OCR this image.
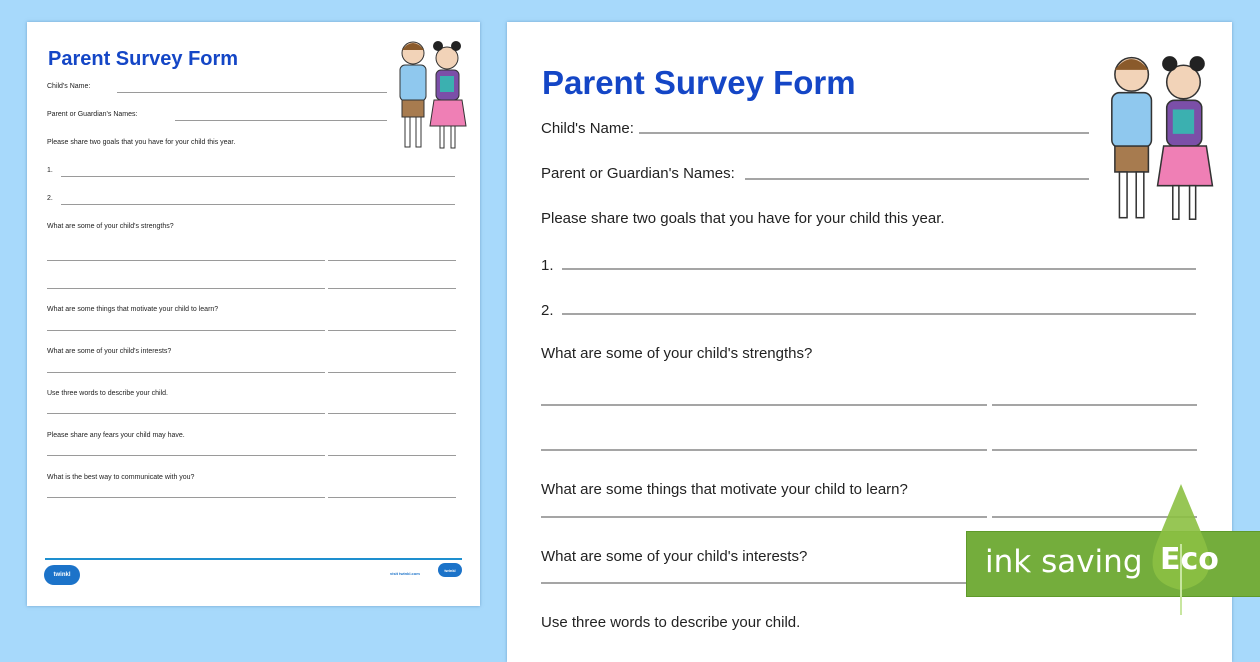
Parent Survey Form
Child's Name:
Parent or Guardian's Names:
Please share two goals that you have for your child this year.
1.
2.
What are some of your child's strengths?
What are some things that motivate your child to learn?
What are some of your child's interests?
Use three words to describe your child.
Please share any fears your child may have.
What is the best way to communicate with you?
twinkl	visit twinkl.com
twinkl
Parent Survey Form
Child's Name:
Parent or Guardian's Names:
Please share two goals that you have for your child this year.
1.
2.
What are some of your child's strengths?
What are some things that motivate your child to learn?
What are some of your child's interests?
Use three words to describe your child.
ink saving Eco
